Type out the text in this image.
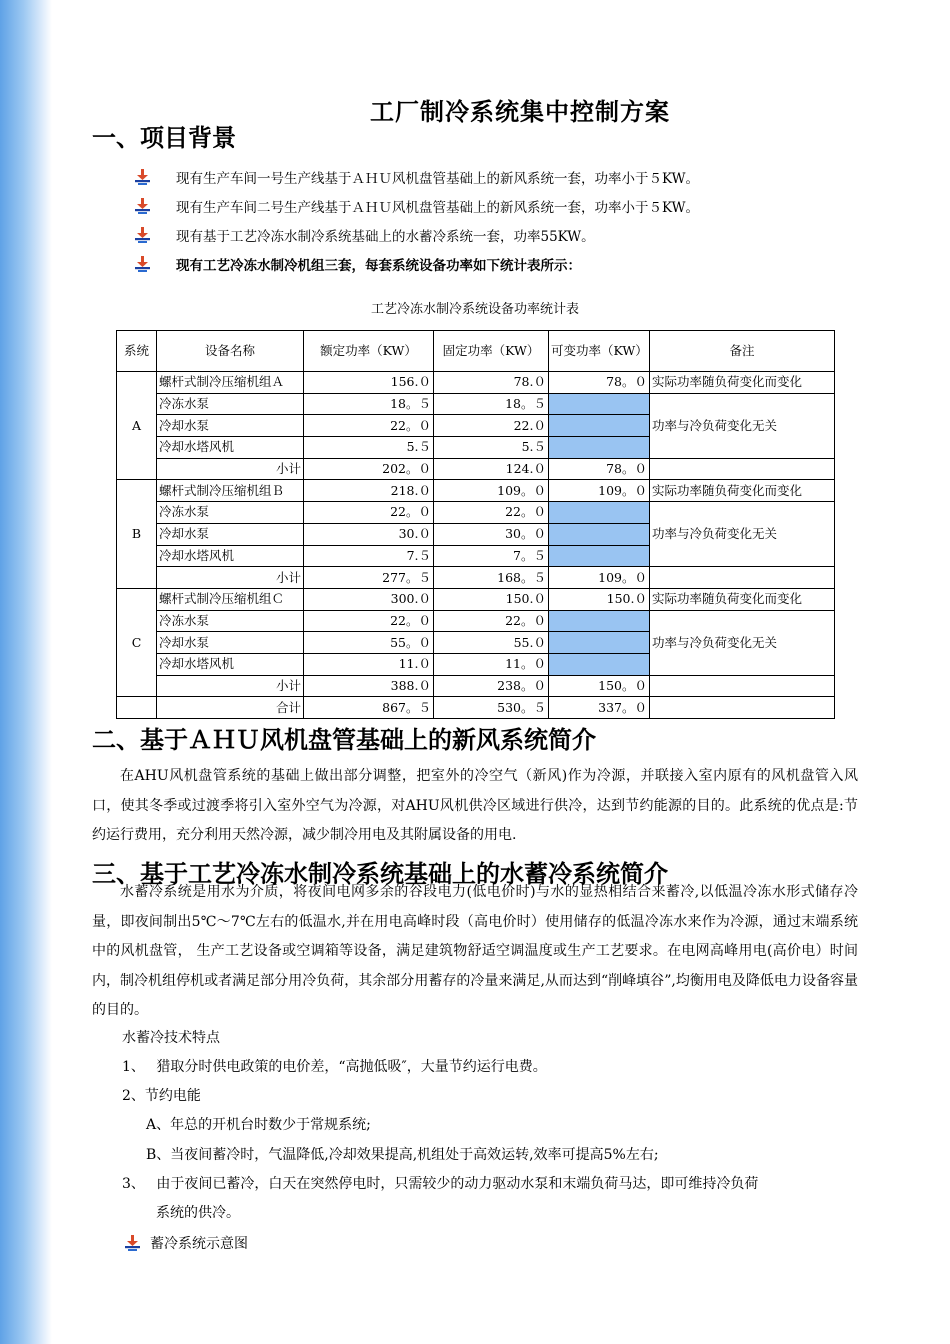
工厂制冷系统集中控制方案
一、项目背景
现有生产车间一号生产线基于ＡＨＵ风机盘管基础上的新风系统一套，功率小于５KW。
现有生产车间二号生产线基于ＡＨＵ风机盘管基础上的新风系统一套，功率小于５KW。
现有基于工艺冷冻水制冷系统基础上的水蓄冷系统一套，功率55KW。
现有工艺冷冻水制冷机组三套，每套系统设备功率如下统计表所示：
工艺冷冻水制冷系统设备功率统计表
系统	设备名称	额定功率（KW）	固定功率（KW）	可变功率（KW）	备注
A	螺杆式制冷压缩机组Ａ	156.０	78.０	78。０	实际功率随负荷变化而变化
	冷冻水泵	18。５	18。５		功率与冷负荷变化无关
	冷却水泵	22。０	22.０		
	冷却水塔风机	5.５	5.５		
	小计	202。０	124.０	78。０	
B	螺杆式制冷压缩机组Ｂ	218.０	109。０	109。０	实际功率随负荷变化而变化
	冷冻水泵	22。０	22。０		功率与冷负荷变化无关
	冷却水泵	30.０	30。０		
	冷却水塔风机	7.５	7。５		
	小计	277。５	168。５	109。０	
C	螺杆式制冷压缩机组Ｃ	300.０	150.０	150.０	实际功率随负荷变化而变化
	冷冻水泵	22。０	22。０		功率与冷负荷变化无关
	冷却水泵	55。０	55.０		
	冷却水塔风机	11.０	11。０		
	小计	388.０	238。０	150。０	
	合计	867。５	530。５	337。０	
二、基于ＡＨＵ风机盘管基础上的新风系统简介
在AHU风机盘管系统的基础上做出部分调整，把室外的冷空气（新风)作为冷源，并联接入室内原有的风机盘管入风口，使其冬季或过渡季将引入室外空气为冷源，对AHU风机供冷区域进行供冷，达到节约能源的目的。此系统的优点是:节约运行费用，充分利用天然冷源，减少制冷用电及其附属设备的用电.
三、基于工艺冷冻水制冷系统基础上的水蓄冷系统简介
水蓄冷系统是用水为介质，将夜间电网多余的谷段电力(低电价时)与水的显热相结合来蓄冷,以低温冷冻水形式储存冷量，即夜间制出5℃～7℃左右的低温水,并在用电高峰时段（高电价时）使用储存的低温冷冻水来作为冷源，通过末端系统中的风机盘管， 生产工艺设备或空调箱等设备，满足建筑物舒适空调温度或生产工艺要求。在电网高峰用电(高价电）时间内，制冷机组停机或者满足部分用冷负荷，其余部分用蓄存的冷量来满足,从而达到“削峰填谷”,均衡用电及降低电力设备容量的目的。
水蓄冷技术特点
1、　 猎取分时供电政策的电价差，“高抛低吸″，大量节约运行电费。
2、节约电能
A、年总的开机台时数少于常规系统;
B、当夜间蓄冷时，气温降低,冷却效果提高,机组处于高效运转,效率可提高5%左右;
3、　 由于夜间已蓄冷，白天在突然停电时，只需较少的动力驱动水泵和末端负荷马达，即可维持冷负荷
系统的供冷。
蓄冷系统示意图
